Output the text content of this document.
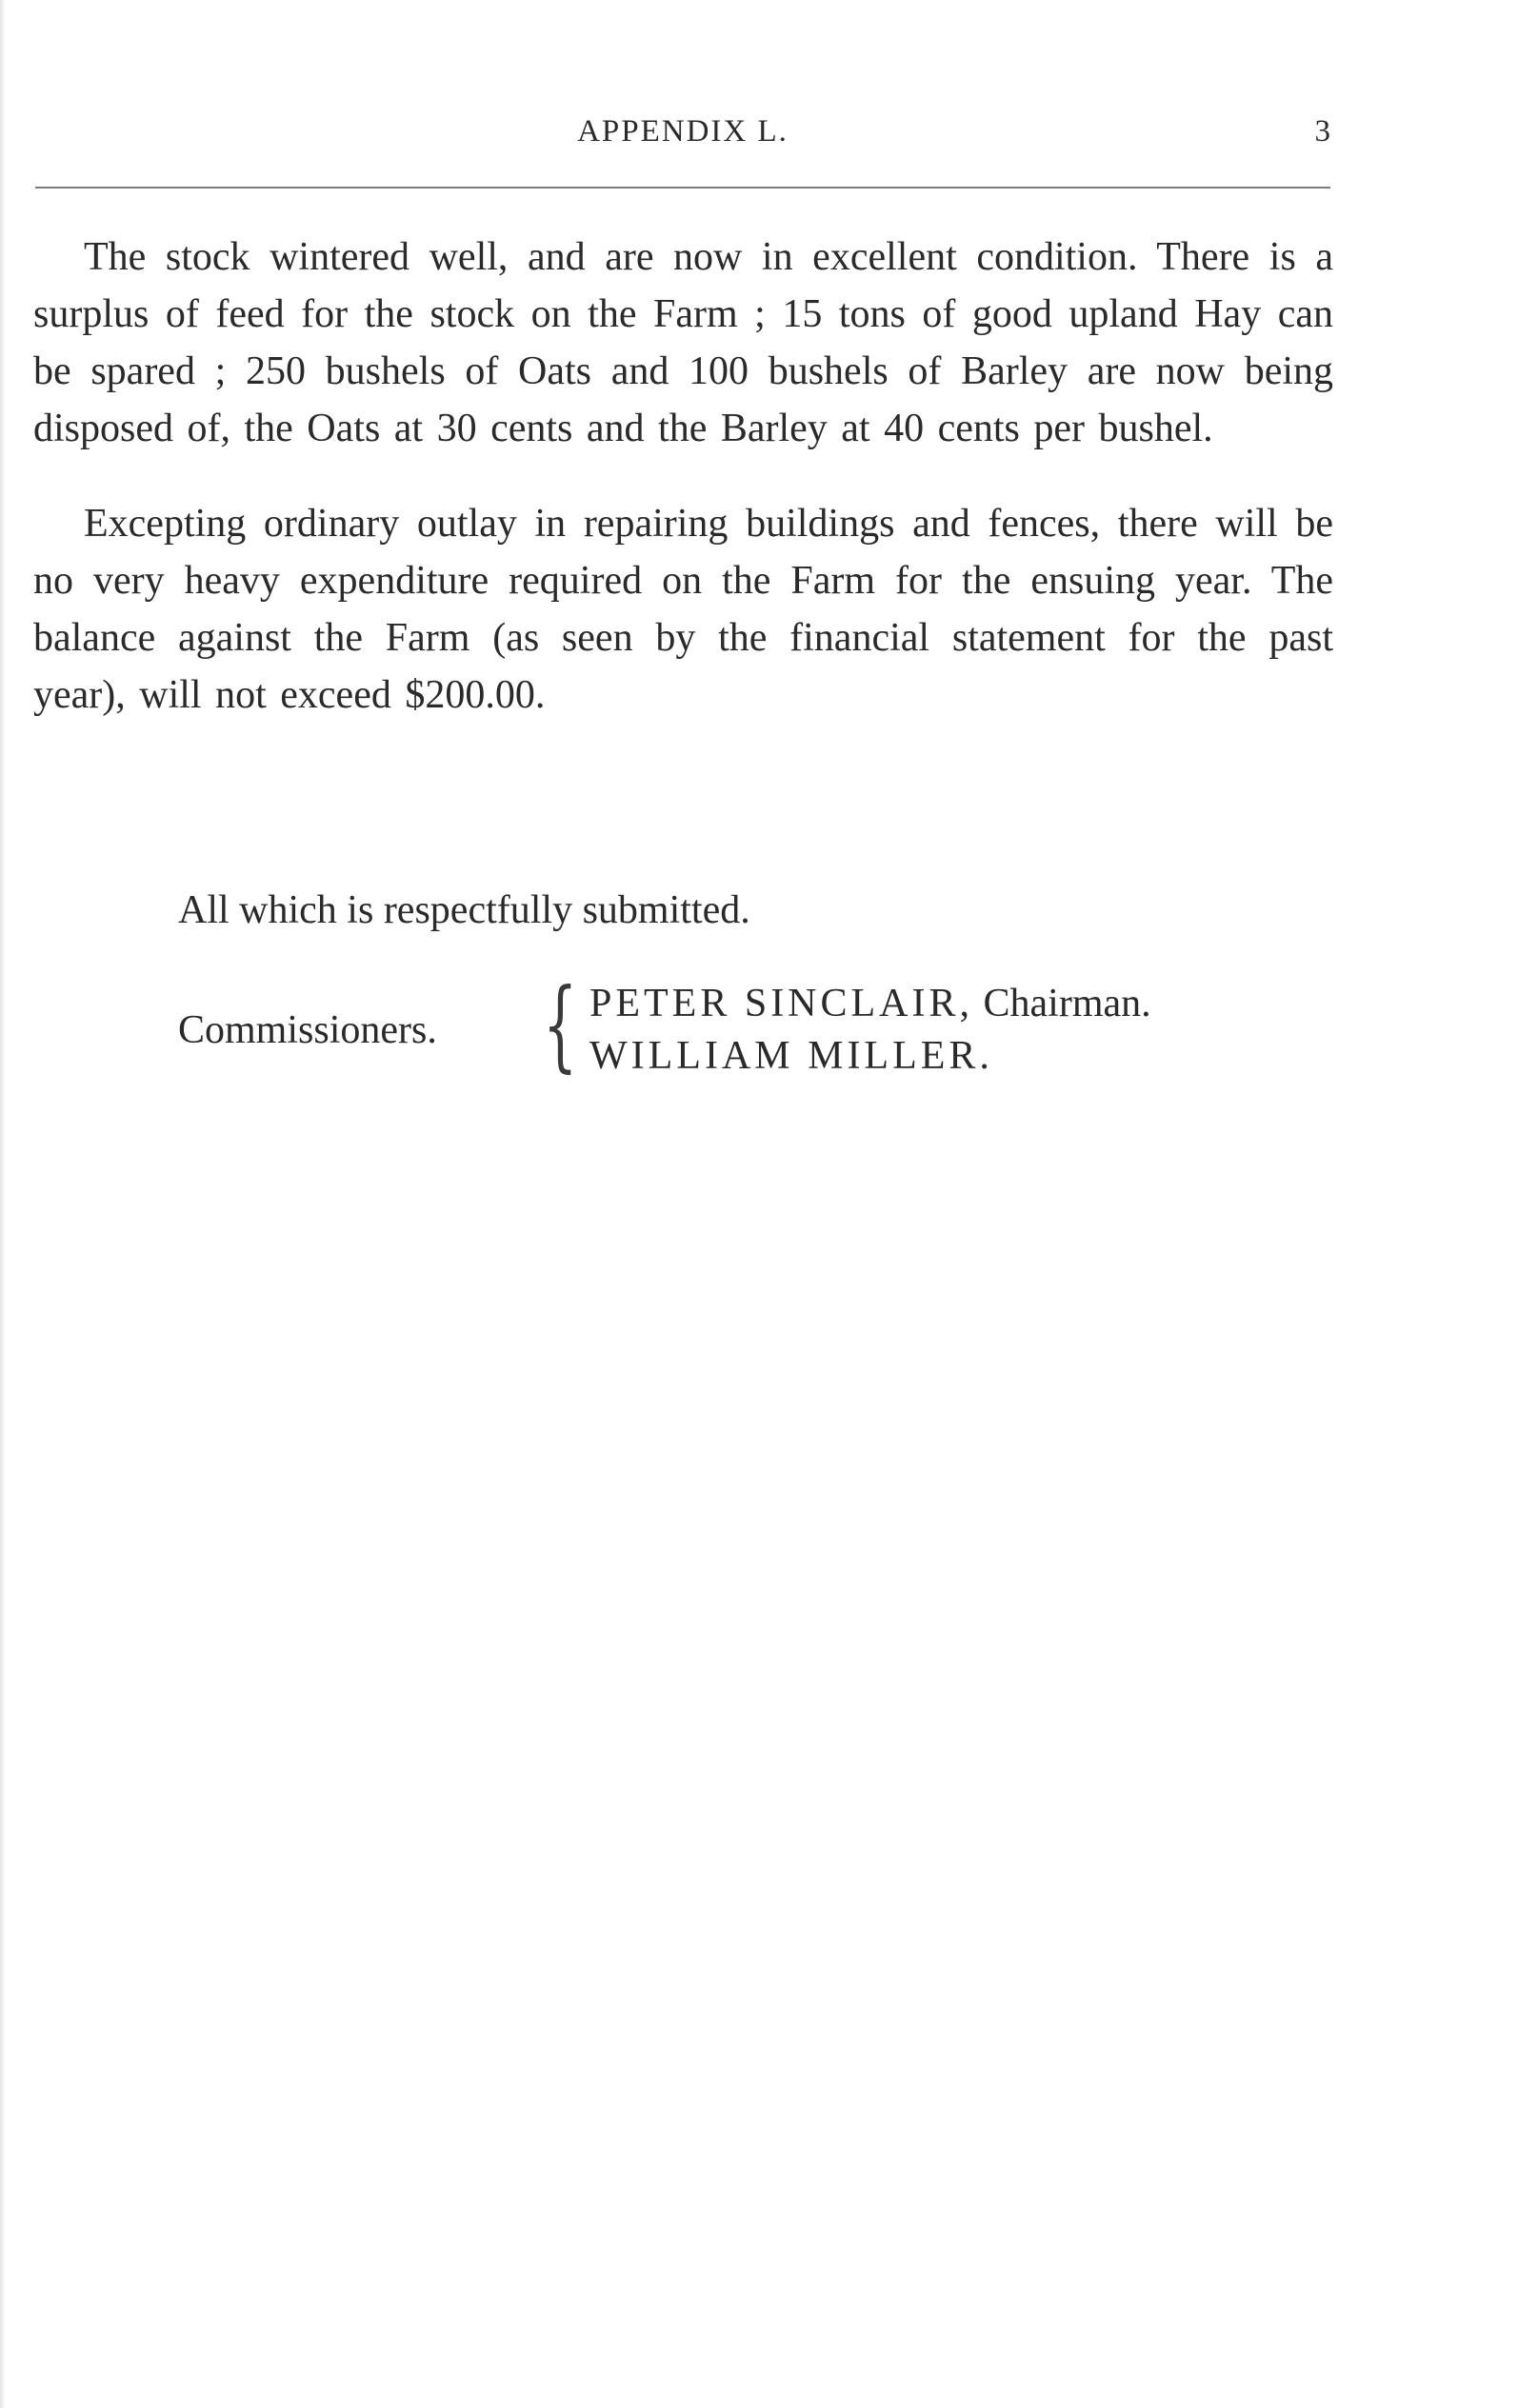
APPENDIX L.	3

The stock wintered well, and are now in excellent condition. There is a surplus of feed for the stock on the Farm ; 15 tons of good upland Hay can be spared ; 250 bushels of Oats and 100 bushels of Barley are now being disposed of, the Oats at 30 cents and the Barley at 40 cents per bushel.

Excepting ordinary outlay in repairing buildings and fences, there will be no very heavy expenditure required on the Farm for the ensuing year. The balance against the Farm (as seen by the financial statement for the past year), will not exceed $200.00.

All which is respectfully submitted.
Commissioners. { PETER SINCLAIR, Chairman.
WILLIAM MILLER.
